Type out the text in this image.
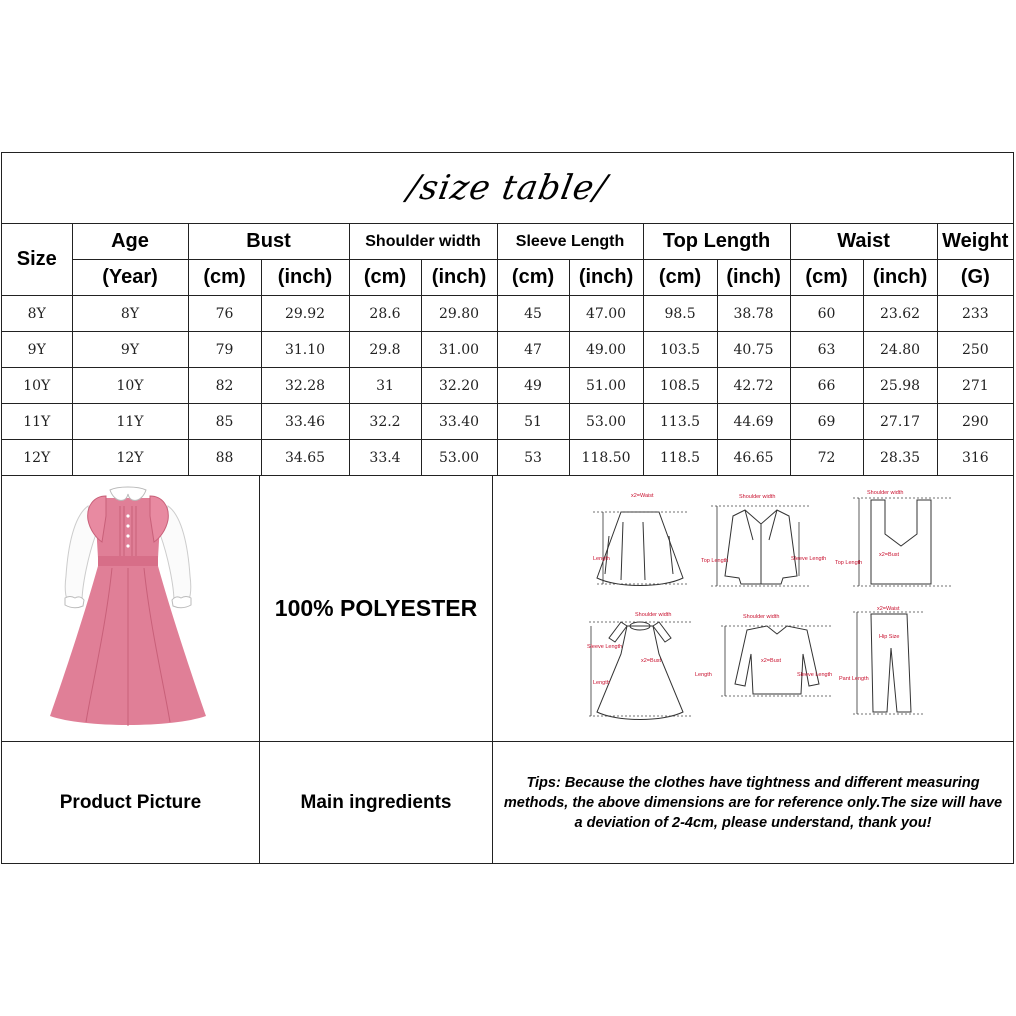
/size table/
Size	Age	Bust		Shoulder width		Sleeve Length		Top Length		Waist		Weight
	(Year)	(cm)	(inch)	(cm)	(inch)	(cm)	(inch)	(cm)	(inch)	(cm)	(inch)	(G)
8Y	8Y	76	29.92	28.6	29.80	45	47.00	98.5	38.78	60	23.62	233
9Y	9Y	79	31.10	29.8	31.00	47	49.00	103.5	40.75	63	24.80	250
10Y	10Y	82	32.28	31	32.20	49	51.00	108.5	42.72	66	25.98	271
11Y	11Y	85	33.46	32.2	33.40	51	53.00	113.5	44.69	69	27.17	290
12Y	12Y	88	34.65	33.4	53.00	53	118.50	118.5	46.65	72	28.35	316
100% POLYESTER
x2=Waist
Length
Shoulder width
Top Length	Sleeve Length
Shoulder width
x2=Bust
Top Length
Shoulder width
Sleeve Length
x2=Bust
Length
Shoulder width
x2=Bust
Length	Sleeve Length
x2=Waist
Hip Size
Pant Length
Product Picture	Main ingredients
Tips: Because the clothes have tightness and different measuring methods, the above dimensions are for reference only.The size will have a deviation of 2-4cm, please understand, thank you!
